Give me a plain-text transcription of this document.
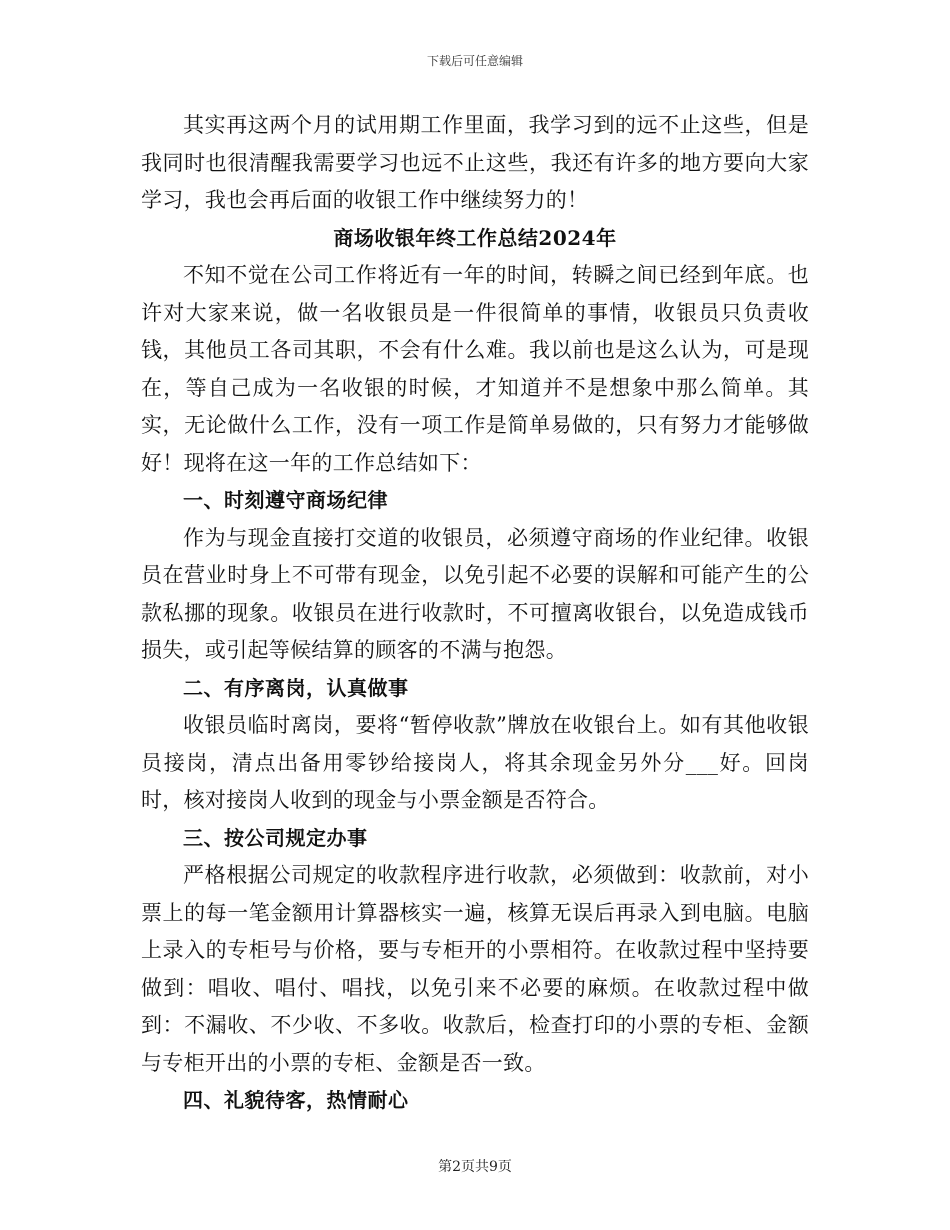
下载后可任意编辑

其实再这两个月的试用期工作里面，我学习到的远不止这些，但是我同时也很清醒我需要学习也远不止这些，我还有许多的地方要向大家学习，我也会再后面的收银工作中继续努力的！

商场收银年终工作总结2024年

不知不觉在公司工作将近有一年的时间，转瞬之间已经到年底。也许对大家来说，做一名收银员是一件很简单的事情，收银员只负责收钱，其他员工各司其职，不会有什么难。我以前也是这么认为，可是现在，等自己成为一名收银的时候，才知道并不是想象中那么简单。其实，无论做什么工作，没有一项工作是简单易做的，只有努力才能够做好！现将在这一年的工作总结如下：

一、时刻遵守商场纪律

作为与现金直接打交道的收银员，必须遵守商场的作业纪律。收银员在营业时身上不可带有现金，以免引起不必要的误解和可能产生的公款私挪的现象。收银员在进行收款时，不可擅离收银台，以免造成钱币损失，或引起等候结算的顾客的不满与抱怨。

二、有序离岗，认真做事

收银员临时离岗，要将“暂停收款”牌放在收银台上。如有其他收银员接岗，清点出备用零钞给接岗人，将其余现金另外分___好。回岗时，核对接岗人收到的现金与小票金额是否符合。

三、按公司规定办事

严格根据公司规定的收款程序进行收款，必须做到：收款前，对小票上的每一笔金额用计算器核实一遍，核算无误后再录入到电脑。电脑上录入的专柜号与价格，要与专柜开的小票相符。在收款过程中坚持要做到：唱收、唱付、唱找，以免引来不必要的麻烦。在收款过程中做到：不漏收、不少收、不多收。收款后，检查打印的小票的专柜、金额与专柜开出的小票的专柜、金额是否一致。

四、礼貌待客，热情耐心

第2页共9页
